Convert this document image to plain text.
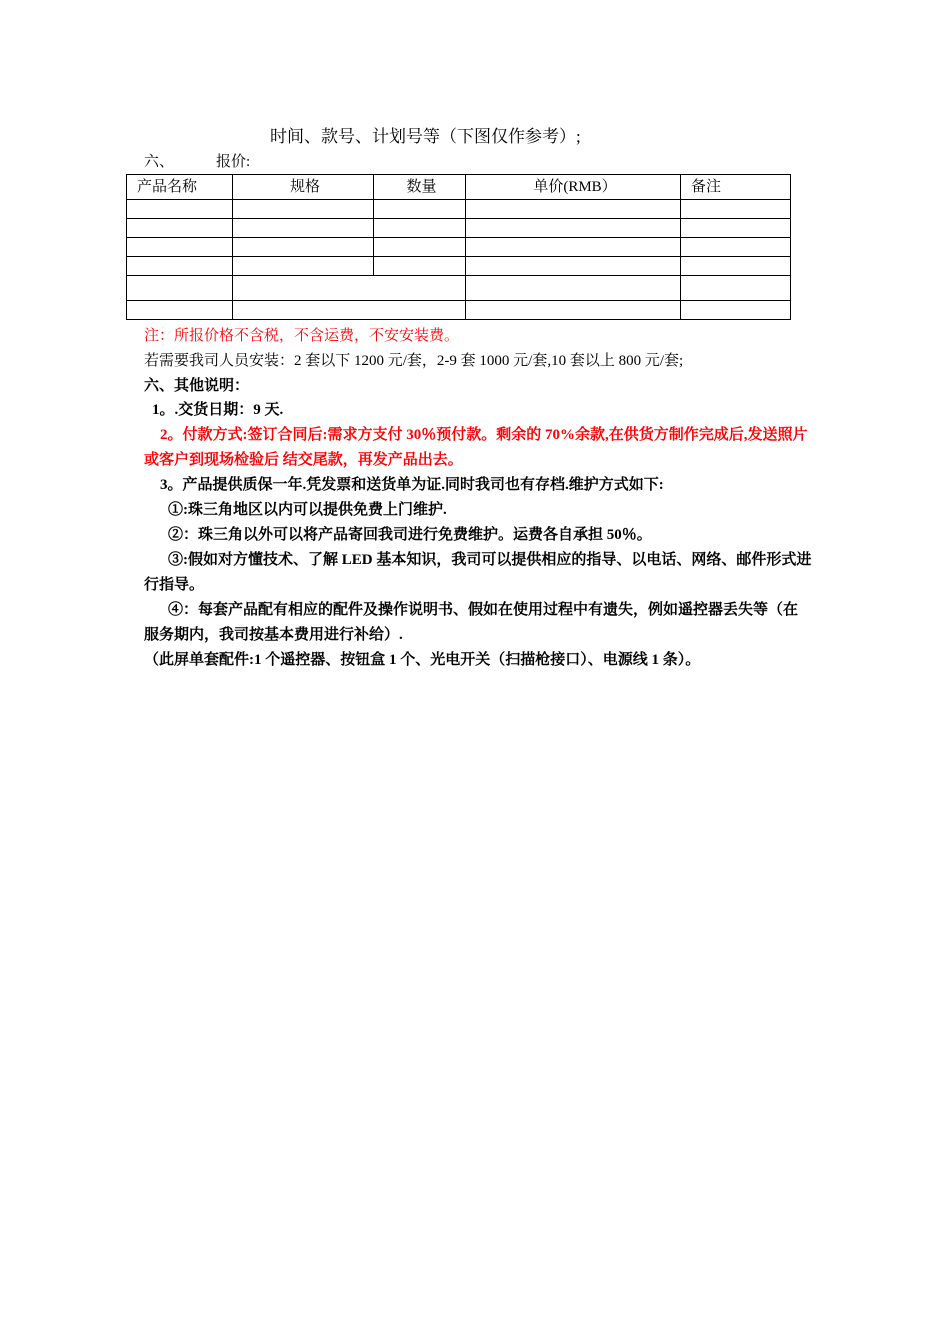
时间、款号、计划号等（下图仅作参考）;
六、	报价:
产品名称	规格	数量	单价(RMB）	备注

注：所报价格不含税，不含运费，不安安装费。
若需要我司人员安装：2 套以下 1200 元/套，2-9 套 1000 元/套,10 套以上 800 元/套;
六、其他说明：
1。.交货日期：9 天.
2。付款方式:签订合同后:需求方支付 30％预付款。剩余的 70%余款,在供货方制作完成后,发送照片或客户到现场检验后 结交尾款，再发产品出去。
3。产品提供质保一年.凭发票和送货单为证.同时我司也有存档.维护方式如下:
①:珠三角地区以内可以提供免费上门维护.
②：珠三角以外可以将产品寄回我司进行免费维护。运费各自承担 50％。
③:假如对方懂技术、了解 LED 基本知识，我司可以提供相应的指导、以电话、网络、邮件形式进行指导。
④：每套产品配有相应的配件及操作说明书、假如在使用过程中有遗失，例如遥控器丢失等（在服务期内，我司按基本费用进行补给）.
（此屏单套配件:1 个遥控器、按钮盒 1 个、光电开关（扫描枪接口）、电源线 1 条）。
